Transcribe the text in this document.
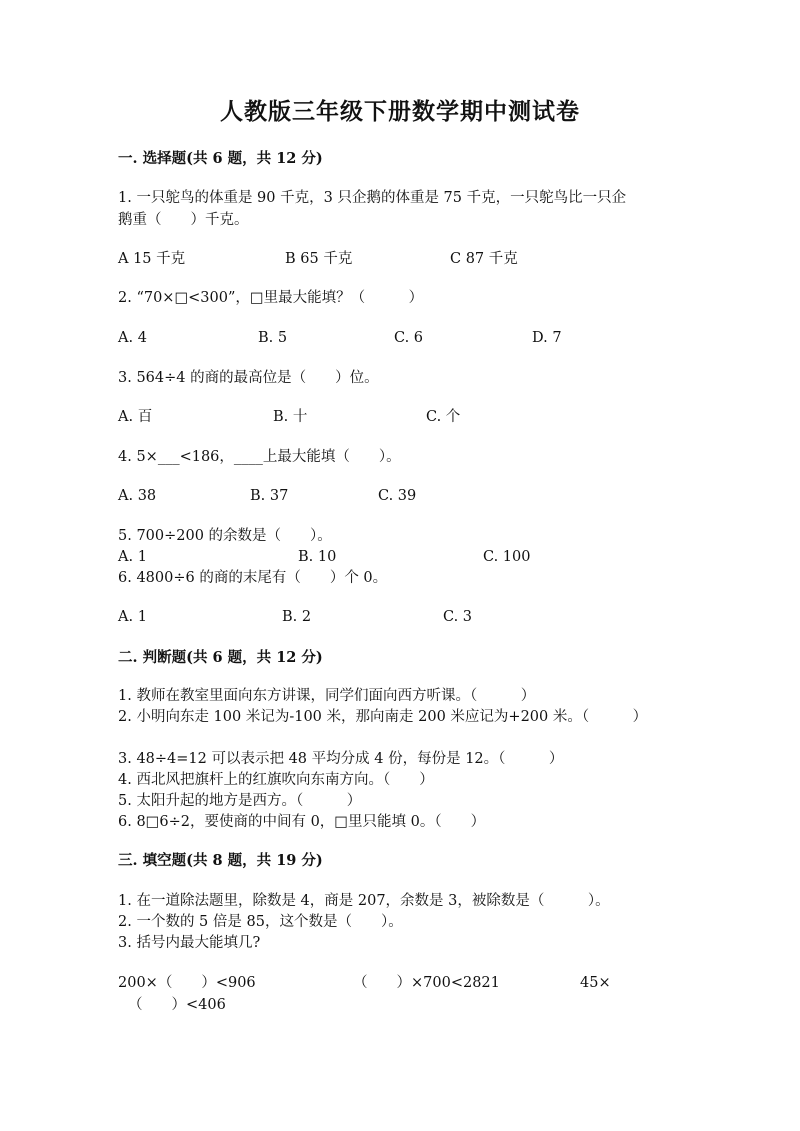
人教版三年级下册数学期中测试卷
一. 选择题(共 6 题，共 12 分)
1. 一只鸵鸟的体重是 90 千克，3 只企鹅的体重是 75 千克，一只鸵鸟比一只企
鹅重（　　）千克。
A 15 千克	B 65 千克	C 87 千克
2. “70×□<300”，□里最大能填？（　　　）
A. 4	B. 5	C. 6	D. 7
3. 564÷4 的商的最高位是（　　）位。
A. 百	B. 十	C. 个
4. 5×___<186，____上最大能填（　　）。
A. 38	B. 37	C. 39
5. 700÷200 的余数是（　　）。
A. 1	B. 10	C. 100
6. 4800÷6 的商的末尾有（　　）个 0。
A. 1	B. 2	C. 3
二. 判断题(共 6 题，共 12 分)
1. 教师在教室里面向东方讲课，同学们面向西方听课。（　　　）
2. 小明向东走 100 米记为-100 米，那向南走 200 米应记为+200 米。（　　　）
3. 48÷4=12 可以表示把 48 平均分成 4 份，每份是 12。（　　　）
4. 西北风把旗杆上的红旗吹向东南方向。（　　）
5. 太阳升起的地方是西方。（　　　）
6. 8□6÷2，要使商的中间有 0，□里只能填 0。（　　）
三. 填空题(共 8 题，共 19 分)
1. 在一道除法题里，除数是 4，商是 207，余数是 3，被除数是（　　　）。
2. 一个数的 5 倍是 85，这个数是（　　）。
3. 括号内最大能填几?
200×（　　）<906	（　　）×700<2821	45×
（　　）<406
